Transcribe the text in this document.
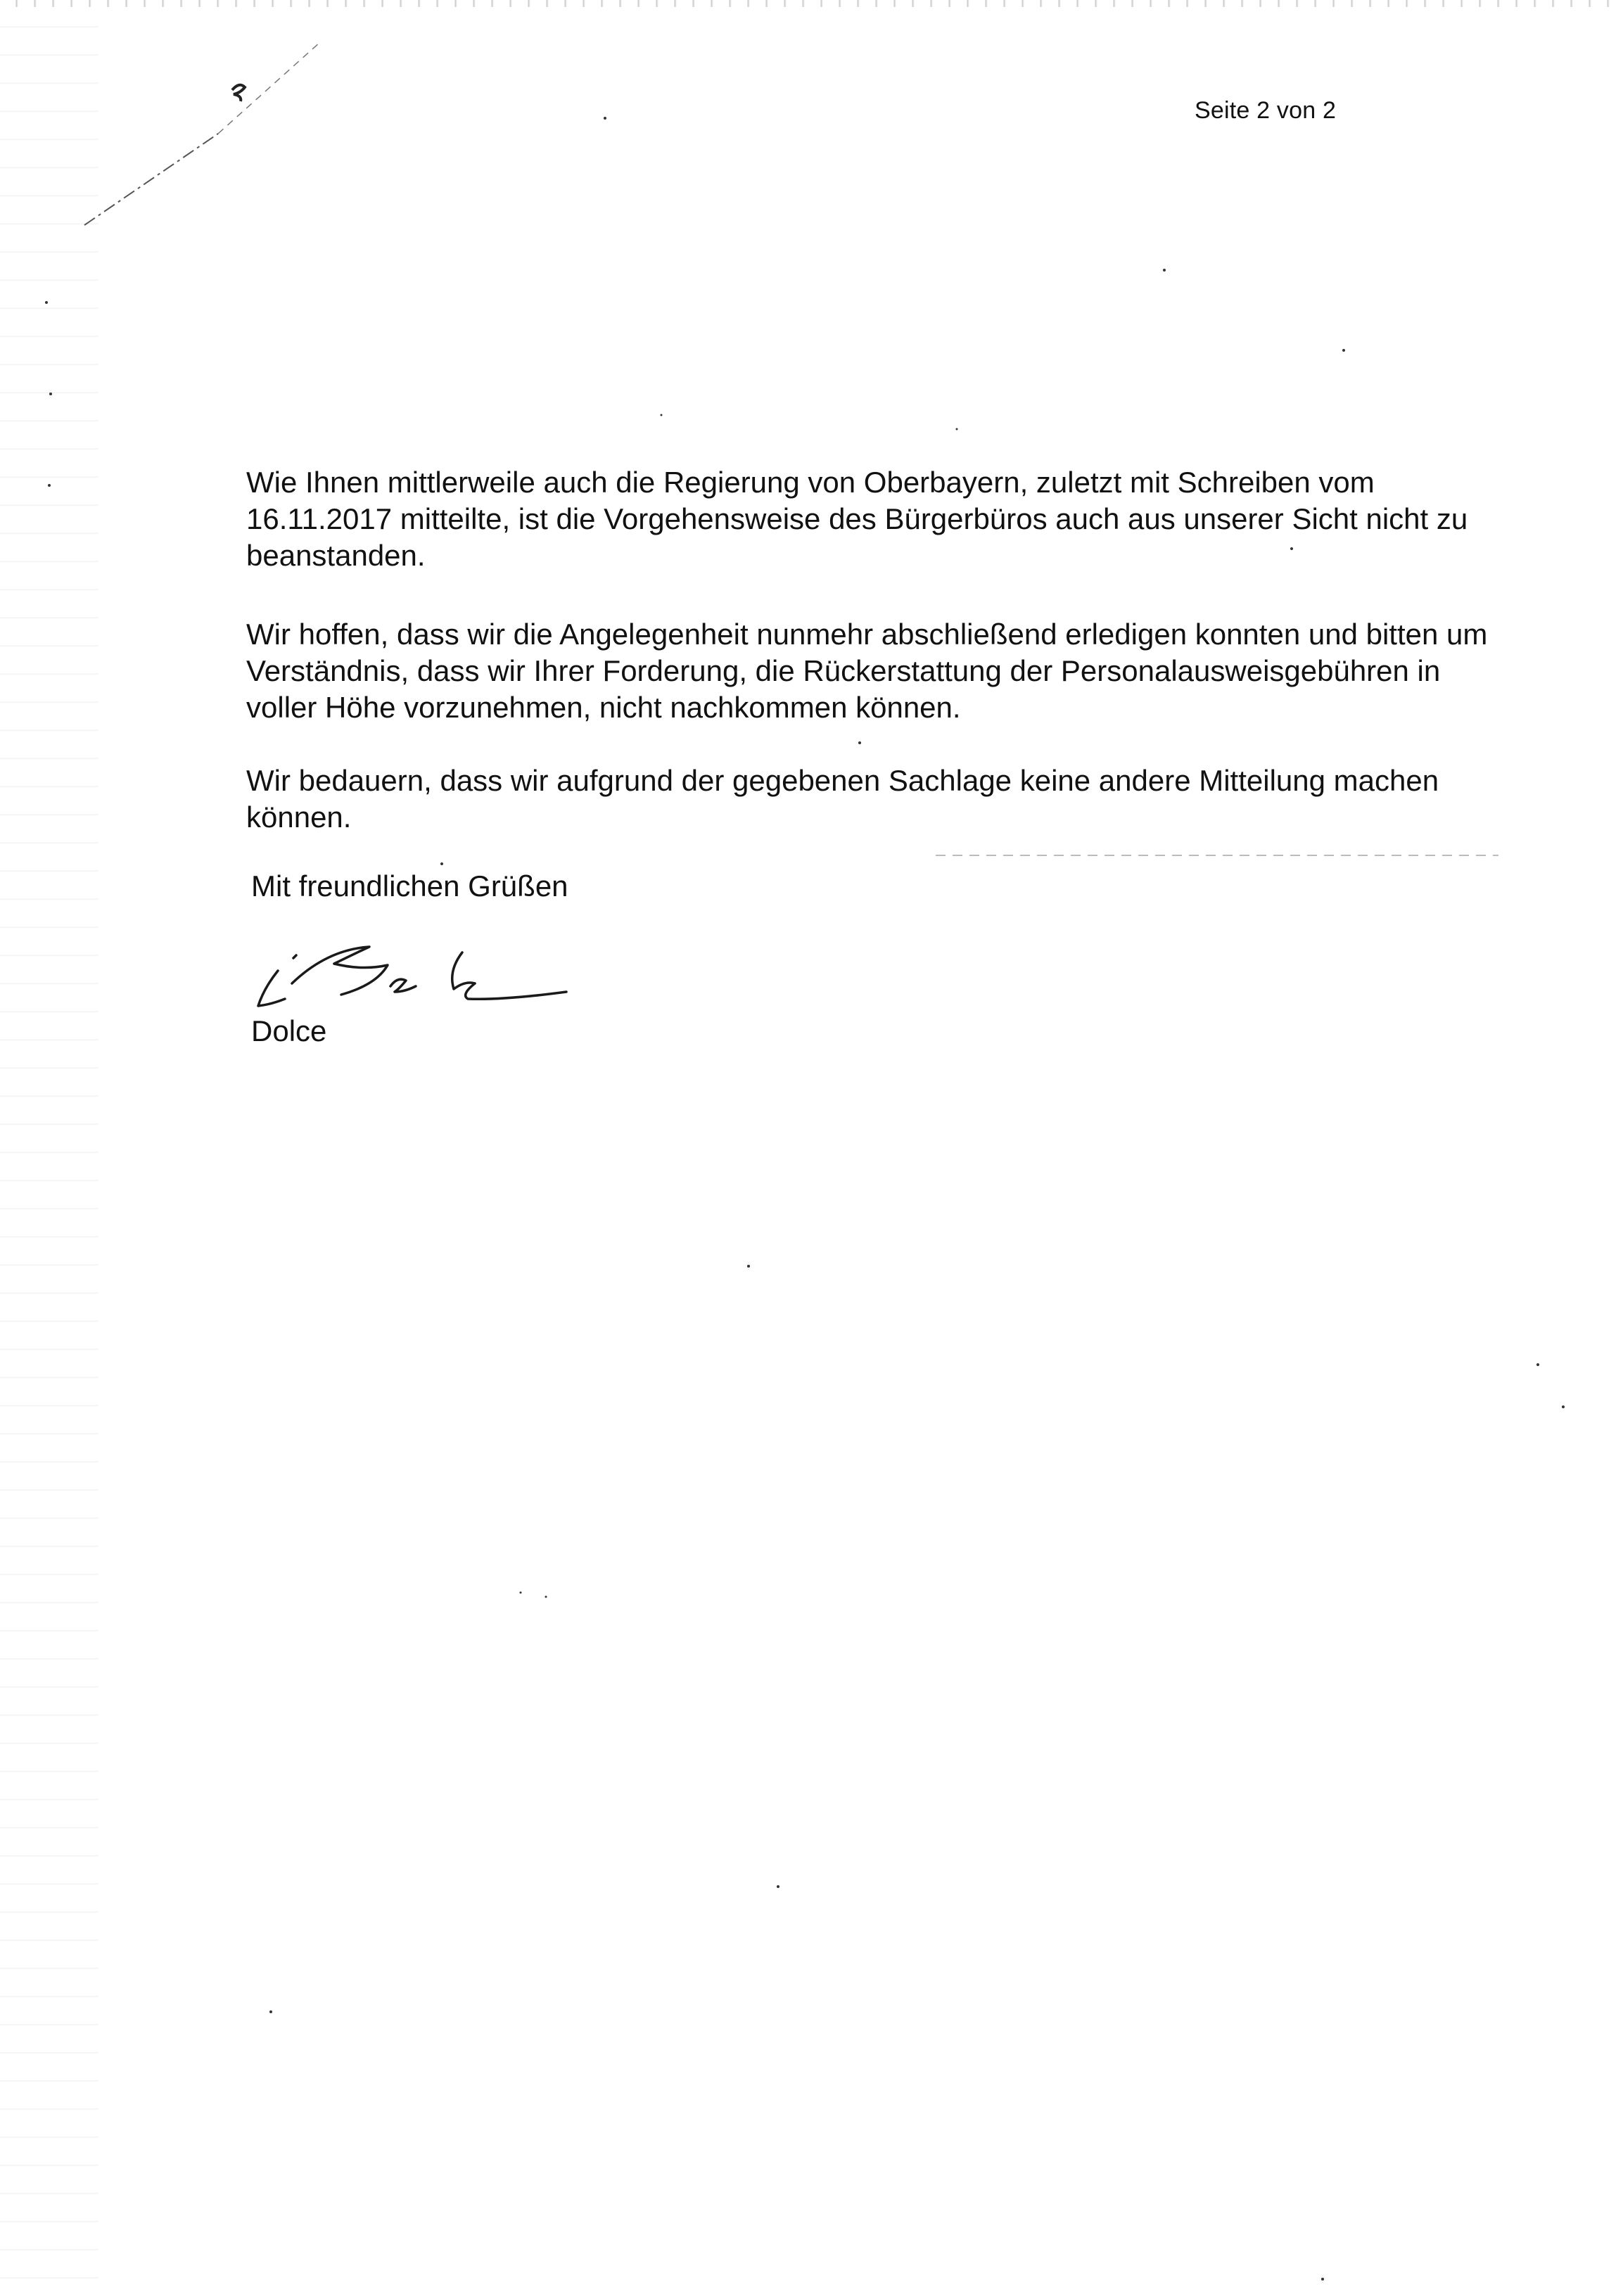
Seite 2 von 2
Wie Ihnen mittlerweile auch die Regierung von Oberbayern, zuletzt mit Schreiben vom 16.11.2017 mitteilte, ist die Vorgehensweise des Bürgerbüros auch aus unserer Sicht nicht zu beanstanden.
Wir hoffen, dass wir die Angelegenheit nunmehr abschließend erledigen konnten und bitten um Verständnis, dass wir Ihrer Forderung, die Rückerstattung der Personalausweisgebühren in voller Höhe vorzunehmen, nicht nachkommen können.
Wir bedauern, dass wir aufgrund der gegebenen Sachlage keine andere Mitteilung machen können.
Mit freundlichen Grüßen
Dolce
